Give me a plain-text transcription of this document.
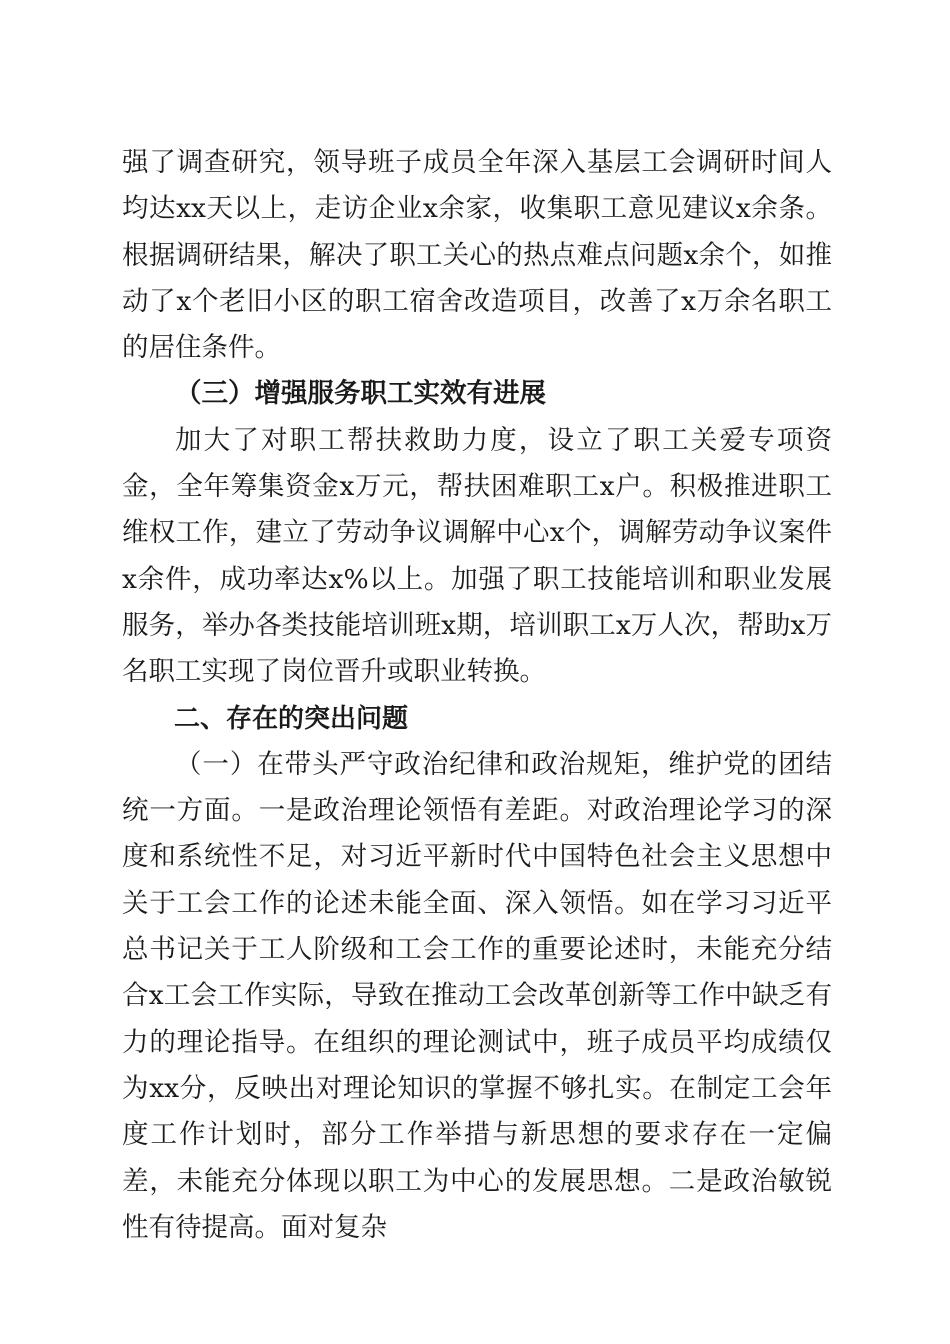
强了调查研究，领导班子成员全年深入基层工会调研时间人均达xx天以上，走访企业x余家，收集职工意见建议x余条。根据调研结果，解决了职工关心的热点难点问题x余个，如推动了x个老旧小区的职工宿舍改造项目，改善了x万余名职工的居住条件。

（三）增强服务职工实效有进展

加大了对职工帮扶救助力度，设立了职工关爱专项资金，全年筹集资金x万元，帮扶困难职工x户。积极推进职工维权工作，建立了劳动争议调解中心x个，调解劳动争议案件x余件，成功率达x%以上。加强了职工技能培训和职业发展服务，举办各类技能培训班x期，培训职工x万人次，帮助x万名职工实现了岗位晋升或职业转换。

二、存在的突出问题

（一）在带头严守政治纪律和政治规矩，维护党的团结统一方面。一是政治理论领悟有差距。对政治理论学习的深度和系统性不足，对习近平新时代中国特色社会主义思想中关于工会工作的论述未能全面、深入领悟。如在学习习近平总书记关于工人阶级和工会工作的重要论述时，未能充分结合x工会工作实际，导致在推动工会改革创新等工作中缺乏有力的理论指导。在组织的理论测试中，班子成员平均成绩仅为xx分，反映出对理论知识的掌握不够扎实。在制定工会年度工作计划时，部分工作举措与新思想的要求存在一定偏差，未能充分体现以职工为中心的发展思想。二是政治敏锐性有待提高。面对复杂
